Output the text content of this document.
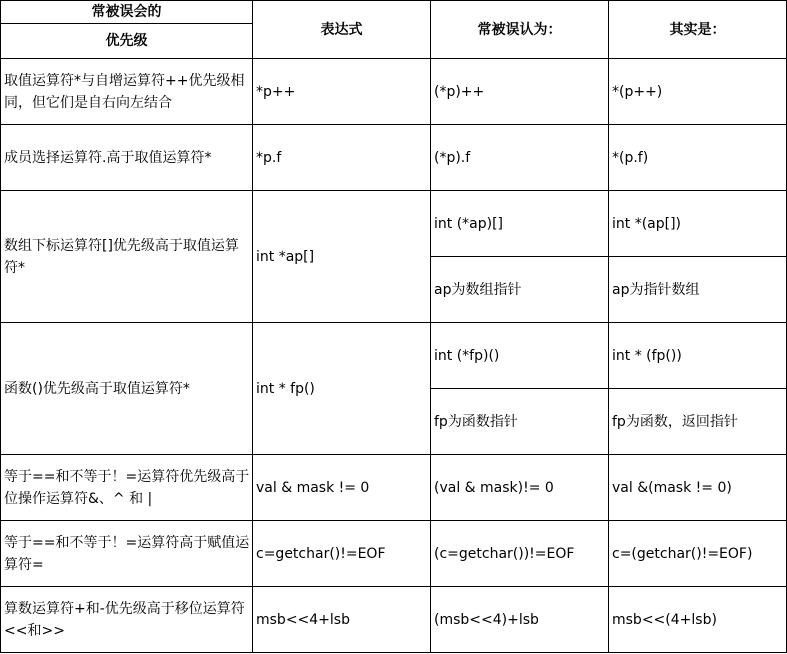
常被误会的
优先级	表达式	常被误认为：	其实是：
取值运算符*与自增运算符++优先级相同，但它们是自右向左结合	*p++	(*p)++	*(p++)
成员选择运算符.高于取值运算符*	*p.f	(*p).f	*(p.f)
数组下标运算符[]优先级高于取值运算符*	int *ap[]	int (*ap)[]	int *(ap[])
		ap为数组指针	ap为指针数组
函数()优先级高于取值运算符*	int * fp()	int (*fp)()	int * (fp())
		fp为函数指针	fp为函数，返回指针
等于==和不等于！=运算符优先级高于位操作运算符&、^ 和 |	val & mask != 0	(val & mask)!= 0	val &(mask != 0)
等于==和不等于！=运算符高于赋值运算符=	c=getchar()!=EOF	(c=getchar())!=EOF	c=(getchar()!=EOF)
算数运算符+和-优先级高于移位运算符<<和>>	msb<<4+lsb	(msb<<4)+lsb	msb<<(4+lsb)
